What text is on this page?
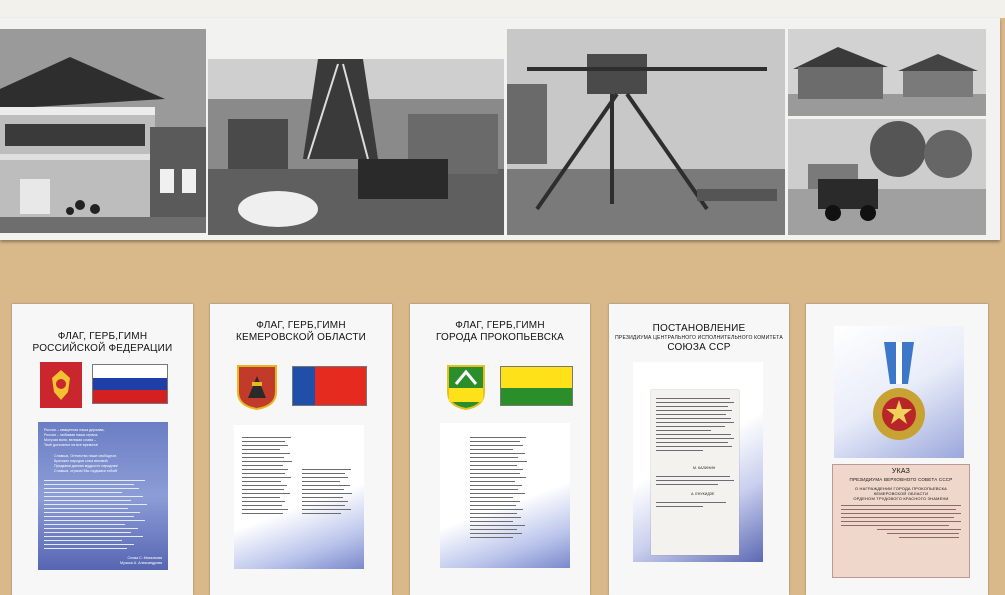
ФЛАГ, ГЕРБ,ГИМН
РОССИЙСКОЙ ФЕДЕРАЦИИ
Россия – священная наша держава,
Россия – любимая наша страна.
Могучая воля, великая слава –
Твоё достоянье на все времена!
Славься, Отечество наше свободное,
Братских народов союз вековой,
Предками данная мудрость народная!
Славься, страна! Мы гордимся тобой!
Слова С. Михалкова
Музыка А. Александрова
ФЛАГ, ГЕРБ,ГИМН
КЕМЕРОВСКОЙ ОБЛАСТИ
ФЛАГ, ГЕРБ,ГИМН
ГОРОДА ПРОКОПЬЕВСКА
ПОСТАНОВЛЕНИЕ
ПРЕЗИДИУМА ЦЕНТРАЛЬНОГО ИСПОЛНИТЕЛЬНОГО КОМИТЕТА
СОЮЗА ССР
М. КАЛИНИН
А. ЕНУКИДЗЕ
УКАЗ
ПРЕЗИДИУМА ВЕРХОВНОГО СОВЕТА СССР
О НАГРАЖДЕНИИ ГОРОДА ПРОКОПЬЕВСКА
КЕМЕРОВСКОЙ ОБЛАСТИ
ОРДЕНОМ ТРУДОВОГО КРАСНОГО ЗНАМЕНИ
